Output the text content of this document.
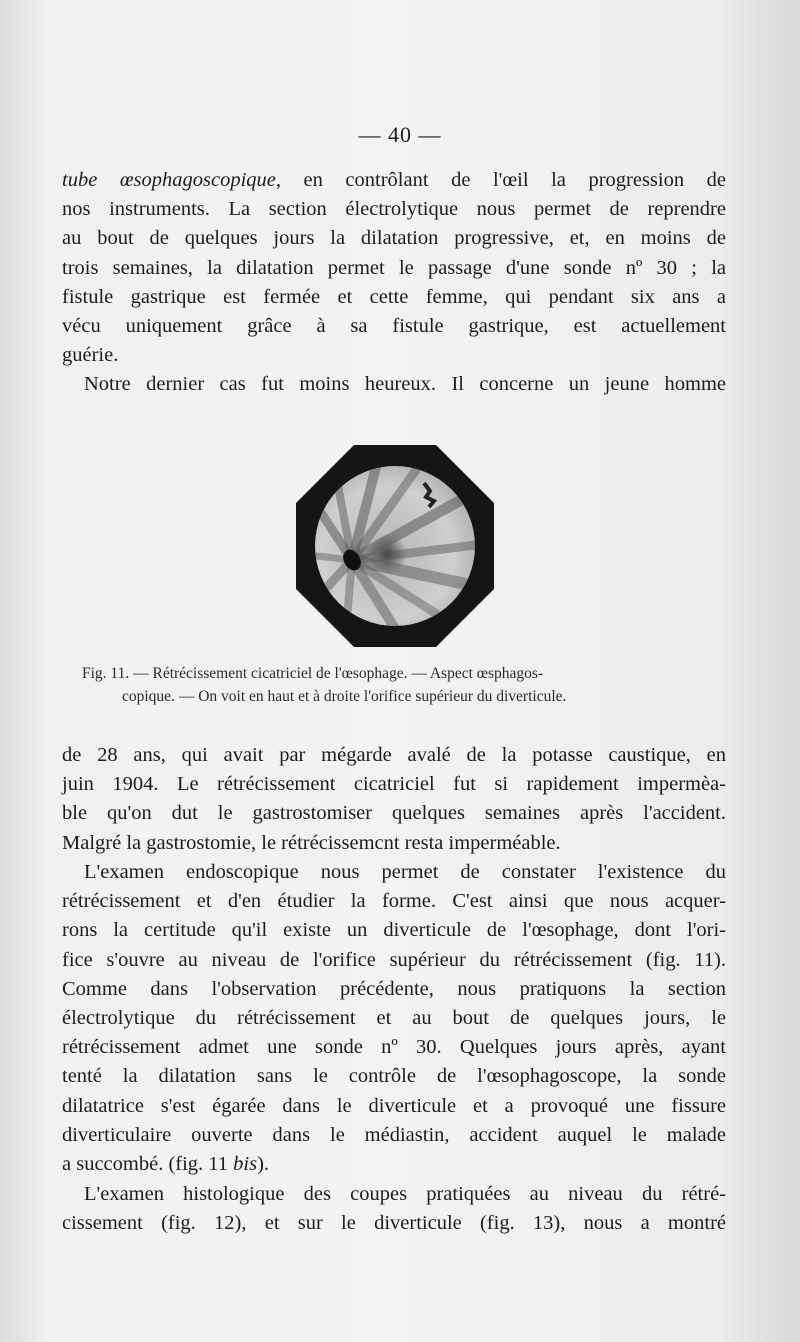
— 40 —
tube œsophagoscopique, en contrôlant de l'œil la progression de
nos instruments. La section électrolytique nous permet de reprendre
au bout de quelques jours la dilatation progressive, et, en moins de
trois semaines, la dilatation permet le passage d'une sonde nº 30 ; la
fistule gastrique est fermée et cette femme, qui pendant six ans a
vécu uniquement grâce à sa fistule gastrique, est actuellement
guérie.
Notre dernier cas fut moins heureux. Il concerne un jeune homme
Fig. 11. — Rétrécissement cicatriciel de l'œsophage. — Aspect œsphagos-
copique. — On voit en haut et à droite l'orifice supérieur du diverticule.
de 28 ans, qui avait par mégarde avalé de la potasse caustique, en
juin 1904. Le rétrécissement cicatriciel fut si rapidement impermèa-
ble qu'on dut le gastrostomiser quelques semaines après l'accident.
Malgré la gastrostomie, le rétrécissemcnt resta imperméable.
L'examen endoscopique nous permet de constater l'existence du
rétrécissement et d'en étudier la forme. C'est ainsi que nous acquer-
rons la certitude qu'il existe un diverticule de l'œsophage, dont l'ori-
fice s'ouvre au niveau de l'orifice supérieur du rétrécissement (fig. 11).
Comme dans l'observation précédente, nous pratiquons la section
électrolytique du rétrécissement et au bout de quelques jours, le
rétrécissement admet une sonde nº 30. Quelques jours après, ayant
tenté la dilatation sans le contrôle de l'œsophagoscope, la sonde
dilatatrice s'est égarée dans le diverticule et a provoqué une fissure
diverticulaire ouverte dans le médiastin, accident auquel le malade
a succombé. (fig. 11 bis).
L'examen histologique des coupes pratiquées au niveau du rétré-
cissement (fig. 12), et sur le diverticule (fig. 13), nous a montré
